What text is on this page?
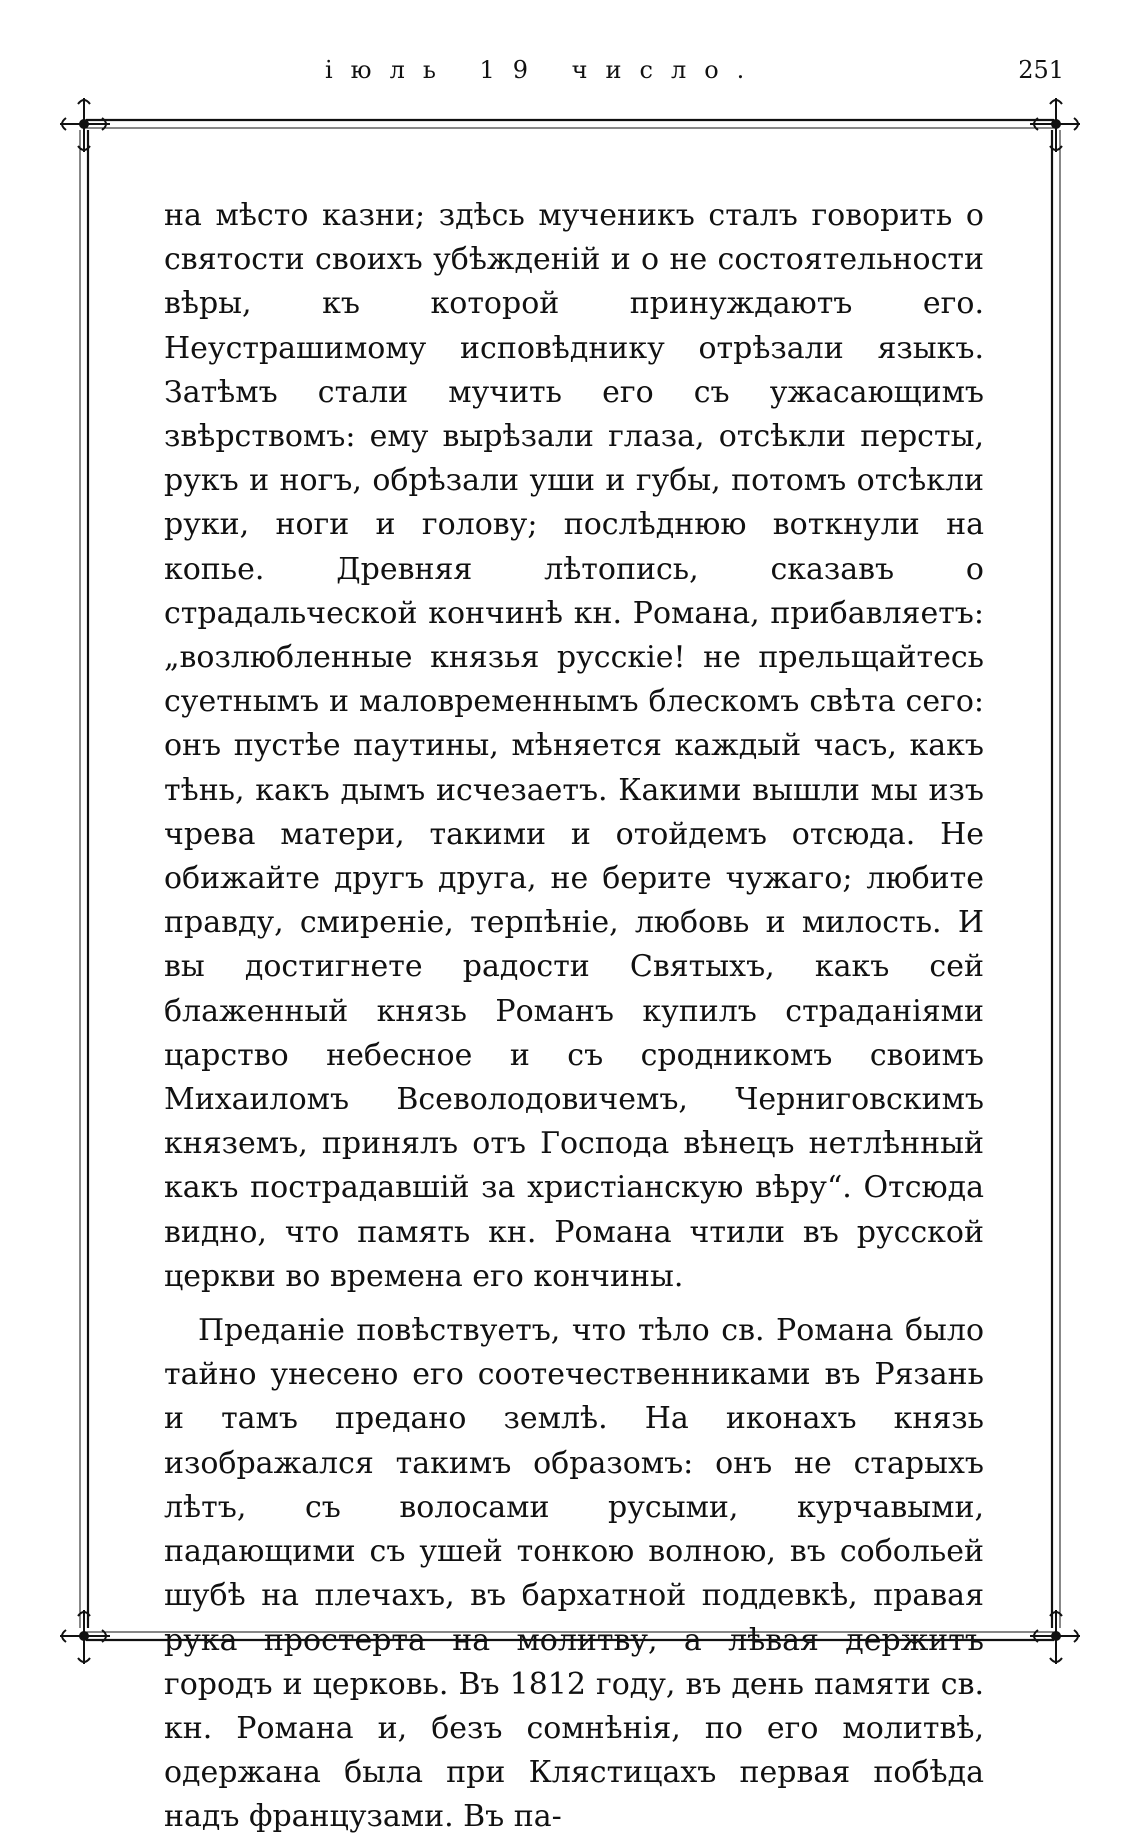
іюль 19 число.	251

на мѣсто казни; здѣсь мученикъ сталъ говорить о святости своихъ убѣжденій и о не состоятельности вѣры, къ которой принуждаютъ его. Неустрашимому исповѣднику отрѣзали языкъ. Затѣмъ стали мучить его съ ужасающимъ звѣрствомъ: ему вырѣзали глаза, отсѣкли персты, рукъ и ногъ, обрѣзали уши и губы, потомъ отсѣкли руки, ноги и голову; послѣднюю воткнули на копье. Древняя лѣтопись, сказавъ о страдальческой кончинѣ кн. Романа, прибавляетъ: „возлюбленные князья русскіе! не прельщайтесь суетнымъ и маловременнымъ блескомъ свѣта сего: онъ пустѣе паутины, мѣняется каждый часъ, какъ тѣнь, какъ дымъ исчезаетъ. Какими вышли мы изъ чрева матери, такими и отойдемъ отсюда. Не обижайте другъ друга, не берите чужаго; любите правду, смиреніе, терпѣніе, любовь и милость. И вы достигнете радости Святыхъ, какъ сей блаженный князь Романъ купилъ страданіями царство небесное и съ сродникомъ своимъ Михаиломъ Всеволодовичемъ, Черниговскимъ княземъ, принялъ отъ Господа вѣнецъ нетлѣнный какъ пострадавшій за христіанскую вѣру“. Отсюда видно, что память кн. Романа чтили въ русской церкви во времена его кончины.

Преданіе повѣствуетъ, что тѣло св. Романа было тайно унесено его соотечественниками въ Рязань и тамъ предано землѣ. На иконахъ князь изображался такимъ образомъ: онъ не старыхъ лѣтъ, съ волосами русыми, курчавыми, падающими съ ушей тонкою волною, въ собольей шубѣ на плечахъ, въ бархатной поддевкѣ, правая рука простерта на молитву, а лѣвая держитъ городъ и церковь. Въ 1812 году, въ день памяти св. кн. Романа и, безъ сомнѣнія, по его молитвѣ, одержана была при Клястицахъ первая побѣда надъ французами. Въ па-
